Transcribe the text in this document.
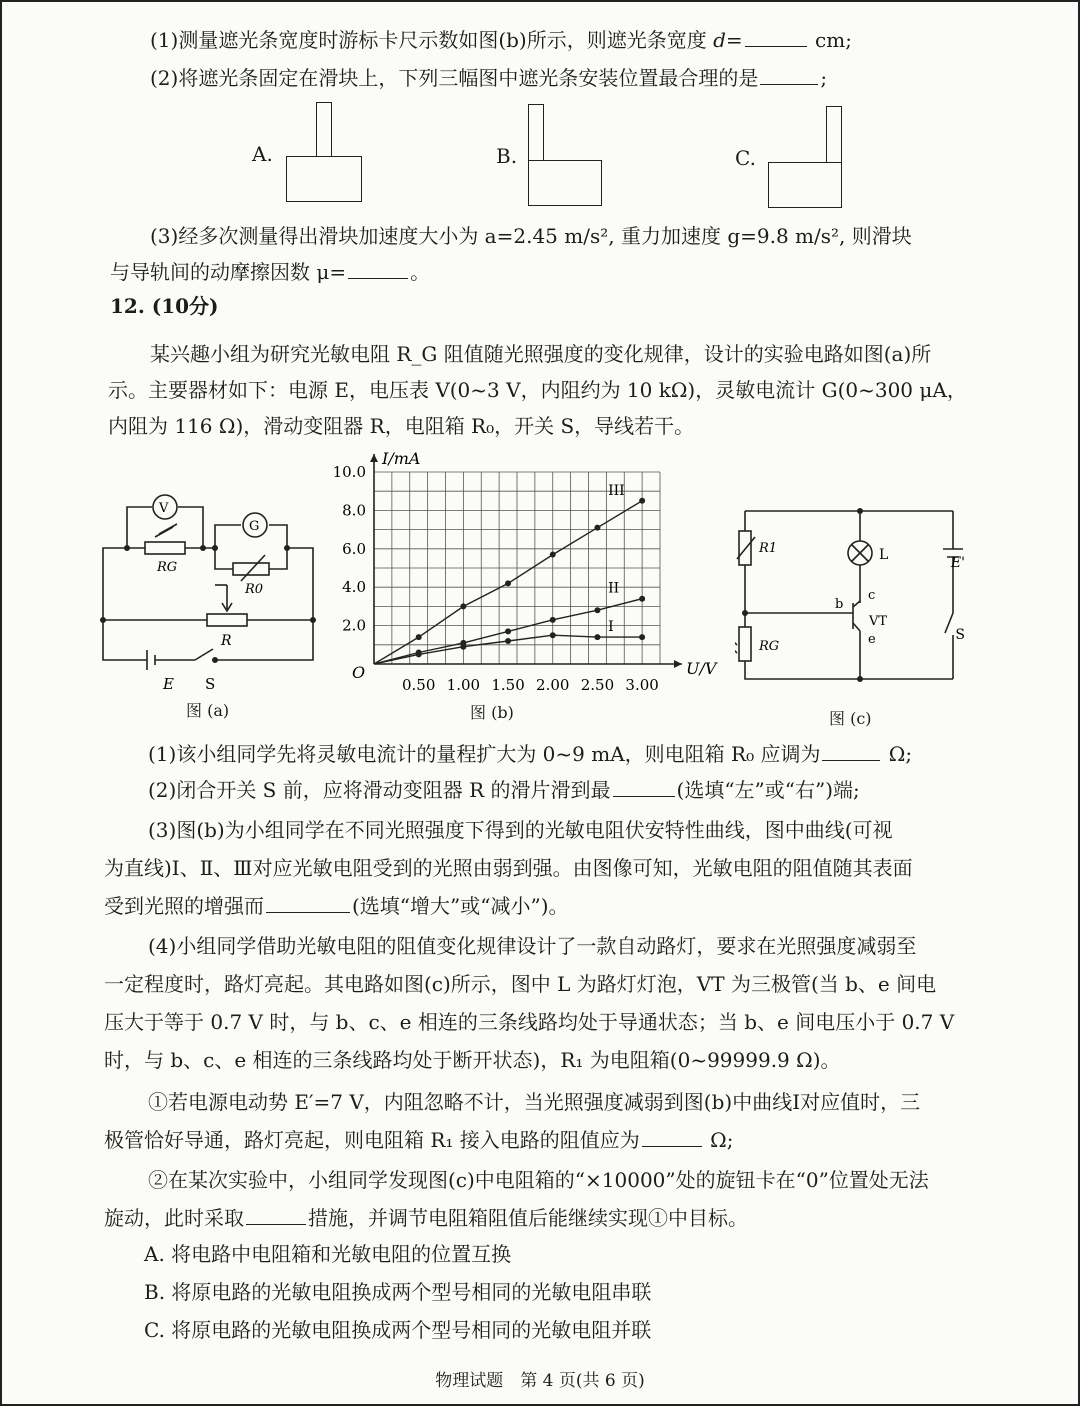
(1)测量遮光条宽度时游标卡尺示数如图(b)所示，则遮光条宽度 d=	cm;
(2)将遮光条固定在滑块上，下列三幅图中遮光条安装位置最合理的是	;
A.	B.	C.
(3)经多次测量得出滑块加速度大小为 a=2.45 m/s², 重力加速度 g=9.8 m/s², 则滑块
与导轨间的动摩擦因数 μ=	。
12. (10分)
某兴趣小组为研究光敏电阻 R_G 阻值随光照强度的变化规律，设计的实验电路如图(a)所
示。主要器材如下：电源 E，电压表 V(0~3 V，内阻约为 10 kΩ)，灵敏电流计 G(0~300 μA，
内阻为 116 Ω)，滑动变阻器 R，电阻箱 R₀，开关 S，导线若干。
V
G
RG
R0
R
E S
图 (a)
I/mA
U/V
O
0.50 1.00 1.50 2.00 2.50 3.00
2.0
4.0
6.0
8.0
10.0
I
II
III
图 (b)
R1
RG
L	E'
b
c
VT
e	S
图 (c)
(1)该小组同学先将灵敏电流计的量程扩大为 0~9 mA，则电阻箱 R₀ 应调为	Ω;
(2)闭合开关 S 前，应将滑动变阻器 R 的滑片滑到最	(选填“左”或“右”)端;
(3)图(b)为小组同学在不同光照强度下得到的光敏电阻伏安特性曲线，图中曲线(可视
为直线)Ⅰ、Ⅱ、Ⅲ对应光敏电阻受到的光照由弱到强。由图像可知，光敏电阻的阻值随其表面
受到光照的增强而	(选填“增大”或“减小”)。
(4)小组同学借助光敏电阻的阻值变化规律设计了一款自动路灯，要求在光照强度减弱至
一定程度时，路灯亮起。其电路如图(c)所示，图中 L 为路灯灯泡，VT 为三极管(当 b、e 间电
压大于等于 0.7 V 时，与 b、c、e 相连的三条线路均处于导通状态；当 b、e 间电压小于 0.7 V
时，与 b、c、e 相连的三条线路均处于断开状态)，R₁ 为电阻箱(0~99999.9 Ω)。
①若电源电动势 E′=7 V，内阻忽略不计，当光照强度减弱到图(b)中曲线Ⅰ对应值时，三
极管恰好导通，路灯亮起，则电阻箱 R₁ 接入电路的阻值应为	Ω;
②在某次实验中，小组同学发现图(c)中电阻箱的“×10000”处的旋钮卡在“0”位置处无法
旋动，此时采取	措施，并调节电阻箱阻值后能继续实现①中目标。
A. 将电路中电阻箱和光敏电阻的位置互换
B. 将原电路的光敏电阻换成两个型号相同的光敏电阻串联
C. 将原电路的光敏电阻换成两个型号相同的光敏电阻并联
物理试题　第 4 页(共 6 页)
